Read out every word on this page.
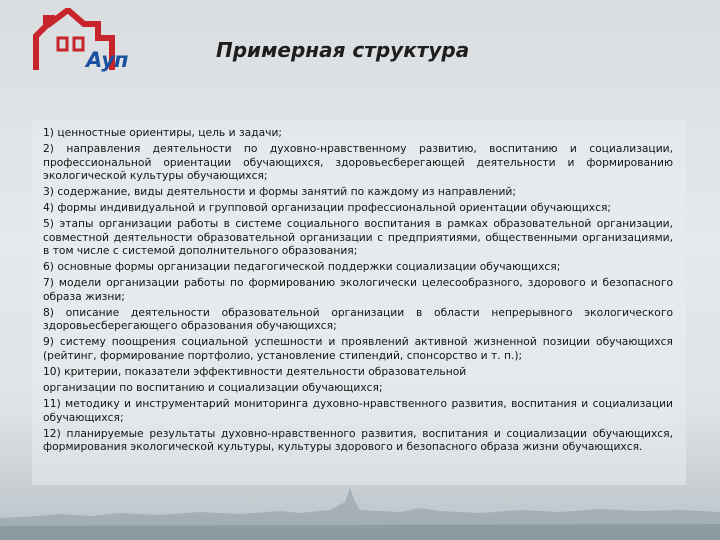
Ауп	Примерная структура

1) ценностные ориентиры, цель и задачи;

2) направления деятельности по духовно-нравственному развитию, воспитанию и социализации, профессиональной ориентации обучающихся, здоровьесберегающей деятельности и формированию экологической культуры обучающихся;

3) содержание, виды деятельности и формы занятий по каждому из направлений;

4) формы индивидуальной и групповой организации профессиональной ориентации обучающихся;

5) этапы организации работы в системе социального воспитания в рамках образовательной организации, совместной деятельности образовательной организации с предприятиями, общественными организациями, в том числе с системой дополнительного образования;

6) основные формы организации педагогической поддержки социализации обучающихся;

7) модели организации работы по формированию экологически целесообразного, здорового и безопасного образа жизни;

8) описание деятельности образовательной организации в области непрерывного экологического здоровьесберегающего образования обучающихся;

9) систему поощрения социальной успешности и проявлений активной жизненной позиции обучающихся (рейтинг, формирование портфолио, установление стипендий, спонсорство и т. п.);

10) критерии, показатели эффективности деятельности образовательной

организации по воспитанию и социализации обучающихся;

11) методику и инструментарий мониторинга духовно-нравственного развития, воспитания и социализации обучающихся;

12) планируемые результаты духовно-нравственного развития, воспитания и социализации обучающихся, формирования экологической культуры, культуры здорового и безопасного образа жизни обучающихся.
